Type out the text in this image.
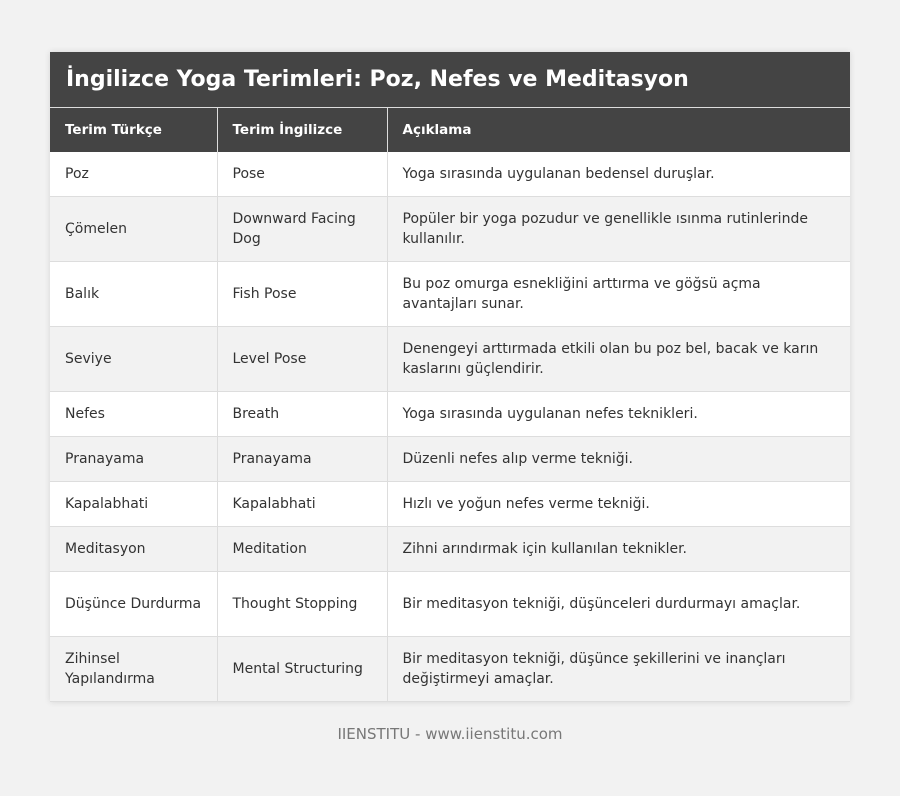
İngilizce Yoga Terimleri: Poz, Nefes ve Meditasyon
Terim Türkçe	Terim İngilizce	Açıklama
Poz	Pose	Yoga sırasında uygulanan bedensel duruşlar.
Çömelen	Downward Facing Dog	Popüler bir yoga pozudur ve genellikle ısınma rutinlerinde kullanılır.
Balık	Fish Pose	Bu poz omurga esnekliğini arttırma ve göğsü açma avantajları sunar.
Seviye	Level Pose	Denengeyi arttırmada etkili olan bu poz bel, bacak ve karın kaslarını güçlendirir.
Nefes	Breath	Yoga sırasında uygulanan nefes teknikleri.
Pranayama	Pranayama	Düzenli nefes alıp verme tekniği.
Kapalabhati	Kapalabhati	Hızlı ve yoğun nefes verme tekniği.
Meditasyon	Meditation	Zihni arındırmak için kullanılan teknikler.
Düşünce Durdurma	Thought Stopping	Bir meditasyon tekniği, düşünceleri durdurmayı amaçlar.
Zihinsel Yapılandırma	Mental Structuring	Bir meditasyon tekniği, düşünce şekillerini ve inançları değiştirmeyi amaçlar.
IIENSTITU - www.iienstitu.com
